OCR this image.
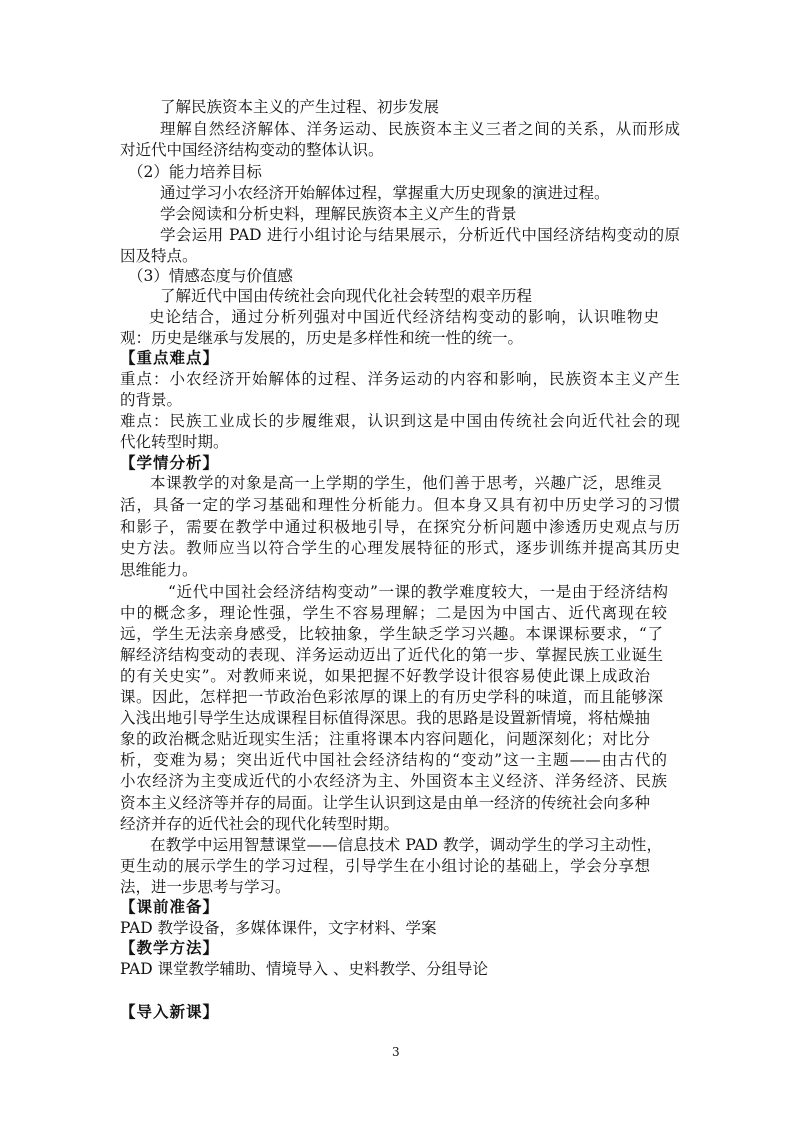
了解民族资本主义的产生过程、初步发展
理解自然经济解体、洋务运动、民族资本主义三者之间的关系，从而形成
对近代中国经济结构变动的整体认识。
（2）能力培养目标
通过学习小农经济开始解体过程，掌握重大历史现象的演进过程。
学会阅读和分析史料，理解民族资本主义产生的背景
学会运用 PAD 进行小组讨论与结果展示，分析近代中国经济结构变动的原
因及特点。
（3）情感态度与价值感
了解近代中国由传统社会向现代化社会转型的艰辛历程
史论结合，通过分析列强对中国近代经济结构变动的影响，认识唯物史
观：历史是继承与发展的，历史是多样性和统一性的统一。
【重点难点】
重点：小农经济开始解体的过程、洋务运动的内容和影响，民族资本主义产生
的背景。
难点：民族工业成长的步履维艰，认识到这是中国由传统社会向近代社会的现
代化转型时期。
【学情分析】
本课教学的对象是高一上学期的学生，他们善于思考，兴趣广泛，思维灵
活，具备一定的学习基础和理性分析能力。但本身又具有初中历史学习的习惯
和影子，需要在教学中通过积极地引导，在探究分析问题中渗透历史观点与历
史方法。教师应当以符合学生的心理发展特征的形式，逐步训练并提高其历史
思维能力。
“近代中国社会经济结构变动”一课的教学难度较大，一是由于经济结构
中的概念多，理论性强，学生不容易理解；二是因为中国古、近代离现在较
远，学生无法亲身感受，比较抽象，学生缺乏学习兴趣。本课课标要求，“了
解经济结构变动的表现、洋务运动迈出了近代化的第一步、掌握民族工业诞生
的有关史实”。对教师来说，如果把握不好教学设计很容易使此课上成政治
课。因此，怎样把一节政治色彩浓厚的课上的有历史学科的味道，而且能够深
入浅出地引导学生达成课程目标值得深思。我的思路是设置新情境，将枯燥抽
象的政治概念贴近现实生活；注重将课本内容问题化，问题深刻化；对比分
析，变难为易；突出近代中国社会经济结构的“变动”这一主题——由古代的
小农经济为主变成近代的小农经济为主、外国资本主义经济、洋务经济、民族
资本主义经济等并存的局面。让学生认识到这是由单一经济的传统社会向多种
经济并存的近代社会的现代化转型时期。
在教学中运用智慧课堂——信息技术 PAD 教学，调动学生的学习主动性，
更生动的展示学生的学习过程，引导学生在小组讨论的基础上，学会分享想
法，进一步思考与学习。
【课前准备】
PAD 教学设备，多媒体课件，文字材料、学案
【教学方法】
PAD 课堂教学辅助、情境导入 、史料教学、分组导论
【导入新课】
3
